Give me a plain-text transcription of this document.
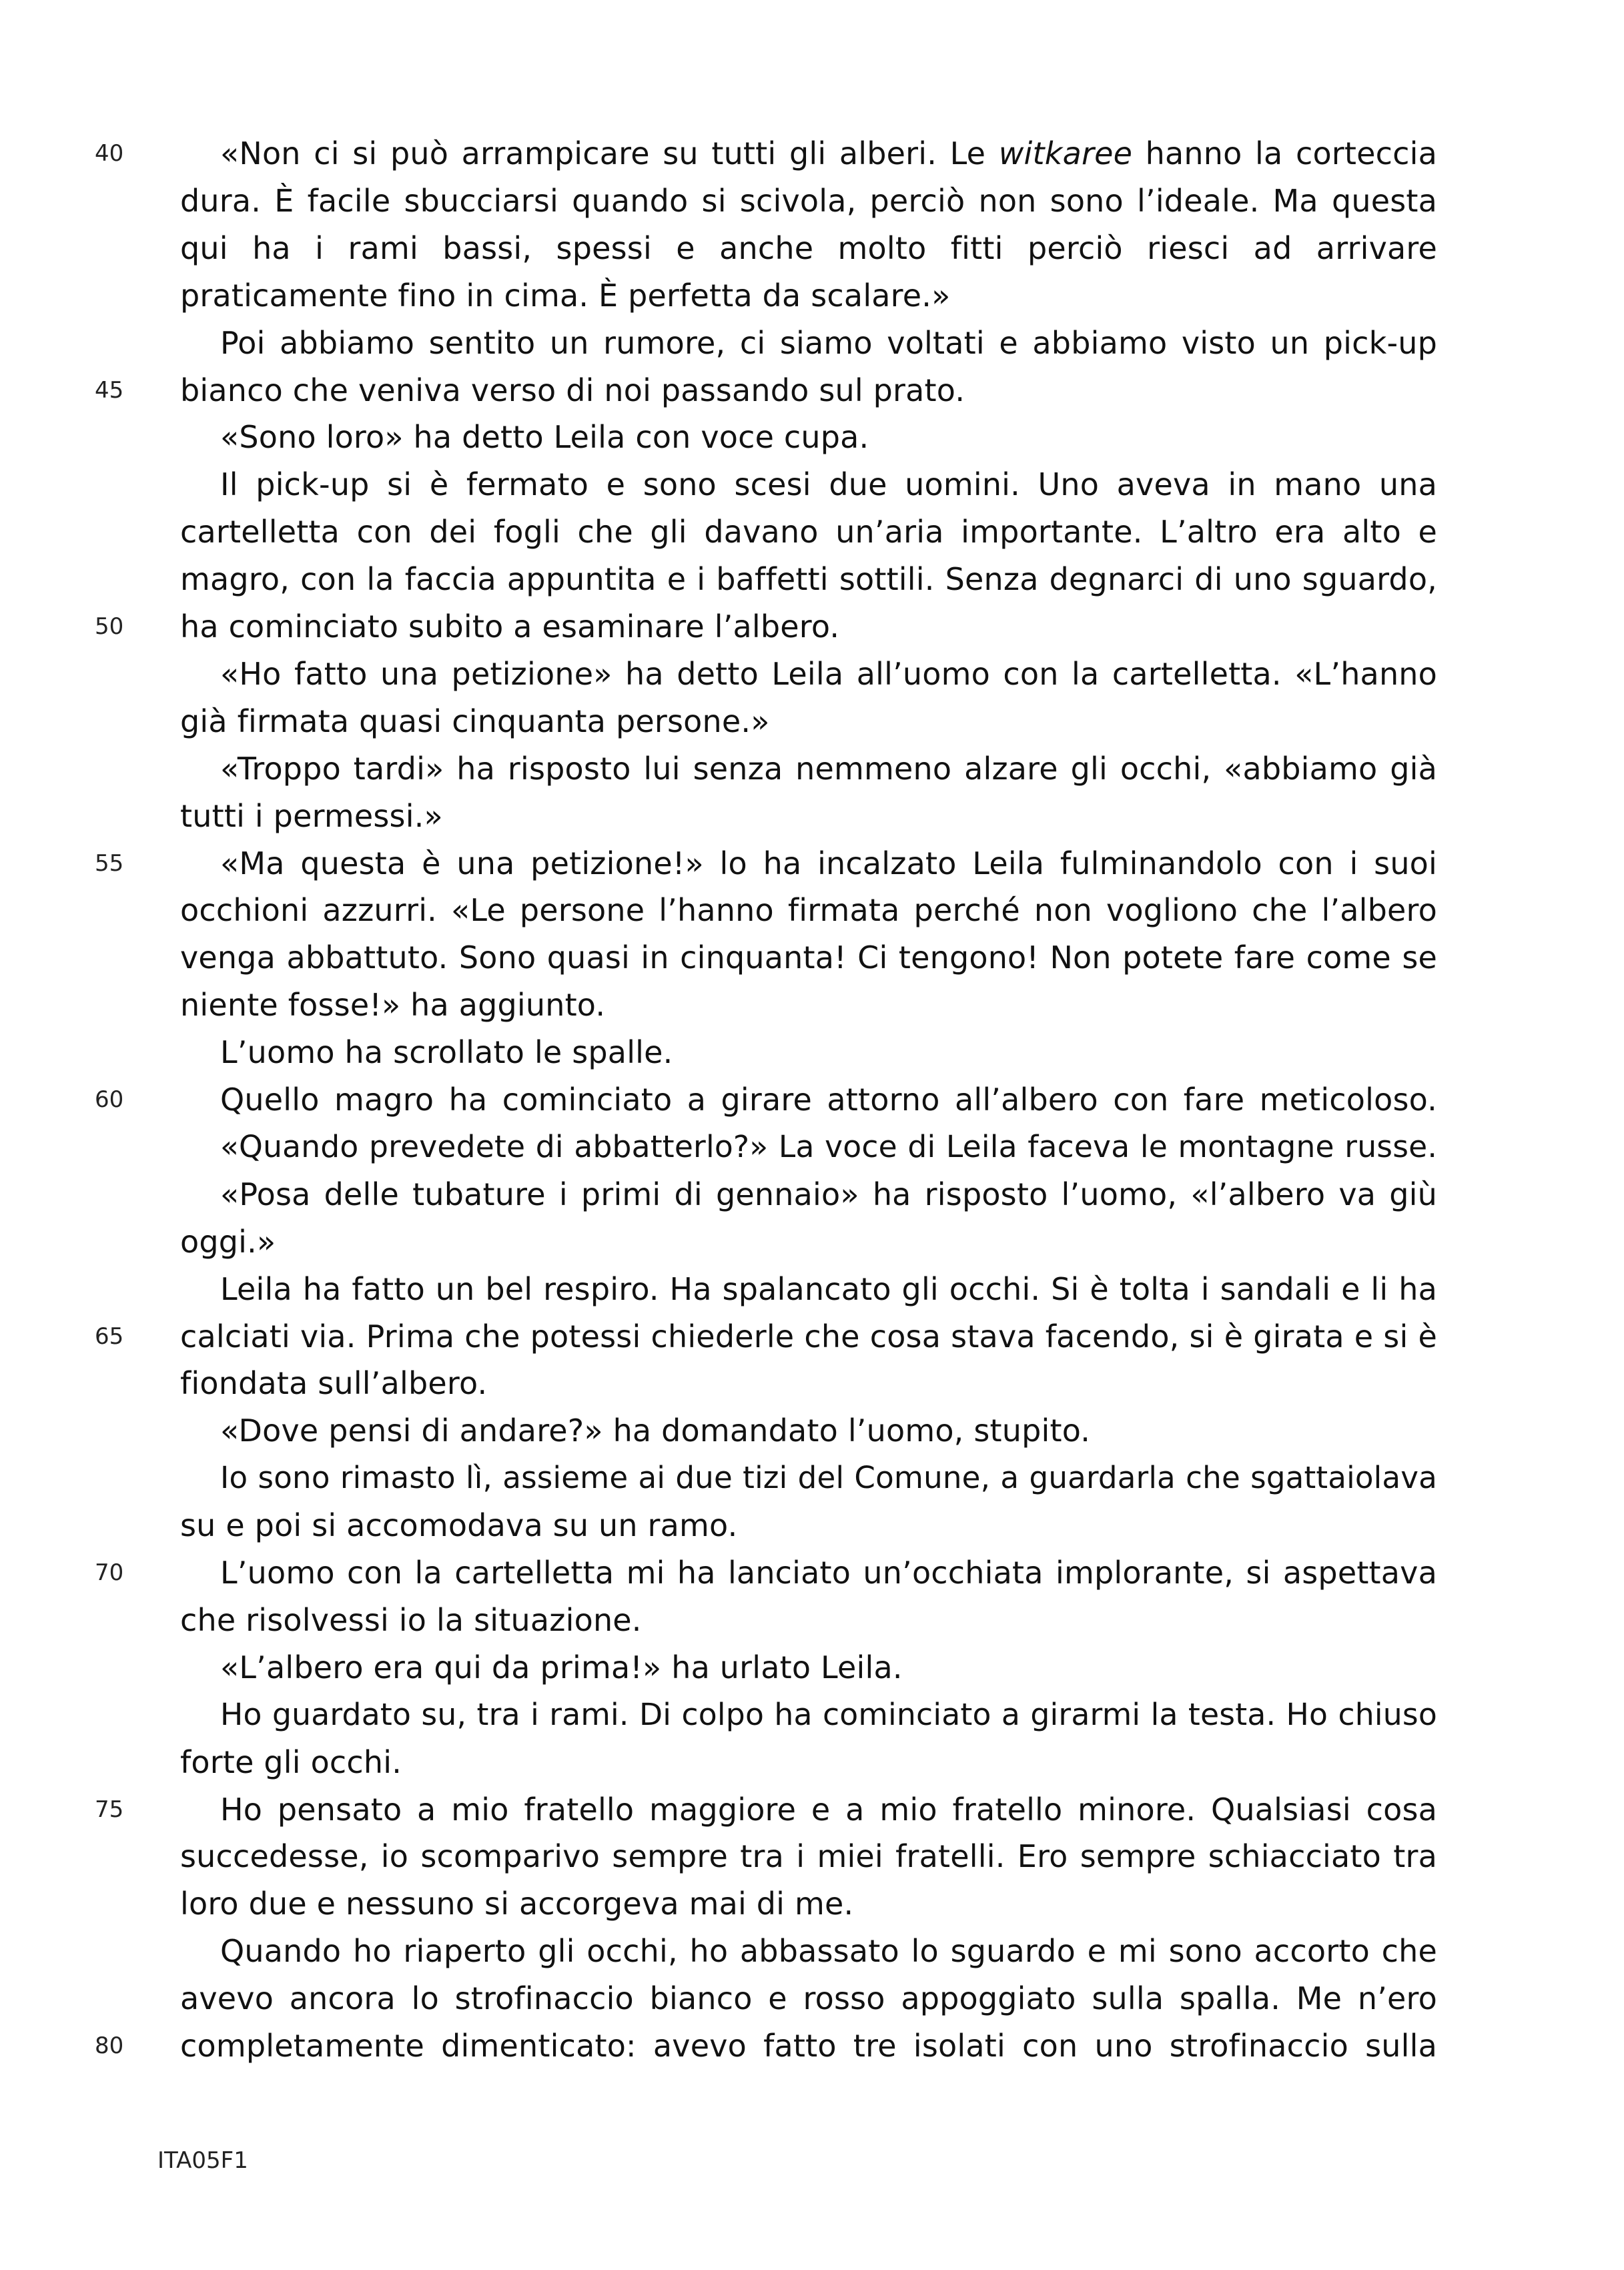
40	«Non ci si può arrampicare su tutti gli alberi. Le witkaree hanno la corteccia
dura. È facile sbucciarsi quando si scivola, perciò non sono l’ideale. Ma questa
qui ha i rami bassi, spessi e anche molto fitti perciò riesci ad arrivare
praticamente fino in cima. È perfetta da scalare.»
Poi abbiamo sentito un rumore, ci siamo voltati e abbiamo visto un pick-up
45 bianco che veniva verso di noi passando sul prato.
«Sono loro» ha detto Leila con voce cupa.
Il pick-up si è fermato e sono scesi due uomini. Uno aveva in mano una
cartelletta con dei fogli che gli davano un’aria importante. L’altro era alto e
magro, con la faccia appuntita e i baffetti sottili. Senza degnarci di uno sguardo,
50 ha cominciato subito a esaminare l’albero.
«Ho fatto una petizione» ha detto Leila all’uomo con la cartelletta. «L’hanno
già firmata quasi cinquanta persone.»
«Troppo tardi» ha risposto lui senza nemmeno alzare gli occhi, «abbiamo già
tutti i permessi.»
55	«Ma questa è una petizione!» lo ha incalzato Leila fulminandolo con i suoi
occhioni azzurri. «Le persone l’hanno firmata perché non vogliono che l’albero
venga abbattuto. Sono quasi in cinquanta! Ci tengono! Non potete fare come se
niente fosse!» ha aggiunto.
L’uomo ha scrollato le spalle.
60	Quello magro ha cominciato a girare attorno all’albero con fare meticoloso.
«Quando prevedete di abbatterlo?» La voce di Leila faceva le montagne russe.
«Posa delle tubature i primi di gennaio» ha risposto l’uomo, «l’albero va giù
oggi.»
Leila ha fatto un bel respiro. Ha spalancato gli occhi. Si è tolta i sandali e li ha
65 calciati via. Prima che potessi chiederle che cosa stava facendo, si è girata e si è
fiondata sull’albero.
«Dove pensi di andare?» ha domandato l’uomo, stupito.
Io sono rimasto lì, assieme ai due tizi del Comune, a guardarla che sgattaiolava
su e poi si accomodava su un ramo.
70	L’uomo con la cartelletta mi ha lanciato un’occhiata implorante, si aspettava
che risolvessi io la situazione.
«L’albero era qui da prima!» ha urlato Leila.
Ho guardato su, tra i rami. Di colpo ha cominciato a girarmi la testa. Ho chiuso
forte gli occhi.
75	Ho pensato a mio fratello maggiore e a mio fratello minore. Qualsiasi cosa
succedesse, io scomparivo sempre tra i miei fratelli. Ero sempre schiacciato tra
loro due e nessuno si accorgeva mai di me.
Quando ho riaperto gli occhi, ho abbassato lo sguardo e mi sono accorto che
avevo ancora lo strofinaccio bianco e rosso appoggiato sulla spalla. Me n’ero
80 completamente dimenticato: avevo fatto tre isolati con uno strofinaccio sulla
ITA05F1
